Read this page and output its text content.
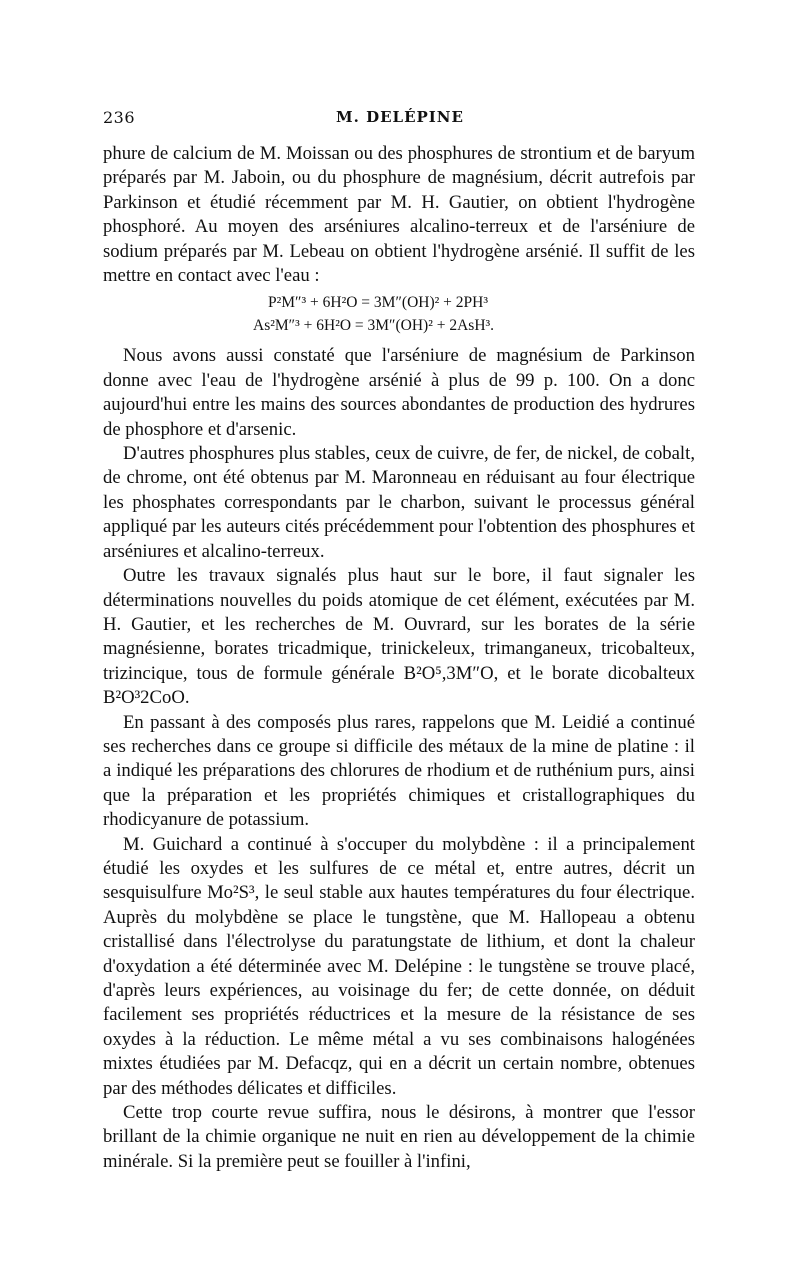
236	M. DELÉPINE

phure de calcium de M. Moissan ou des phosphures de strontium et de baryum préparés par M. Jaboin, ou du phosphure de magnésium, décrit autrefois par Parkinson et étudié récemment par M. H. Gautier, on obtient l'hydrogène phosphoré. Au moyen des arséniures alcalino-terreux et de l'arséniure de sodium préparés par M. Lebeau on obtient l'hydrogène arsénié. Il suffit de les mettre en contact avec l'eau :

P²M″³ + 6H²O = 3M″(OH)² + 2PH³
As²M″³ + 6H²O = 3M″(OH)² + 2AsH³.

Nous avons aussi constaté que l'arséniure de magnésium de Parkinson donne avec l'eau de l'hydrogène arsénié à plus de 99 p. 100. On a donc aujourd'hui entre les mains des sources abondantes de production des hydrures de phosphore et d'arsenic.

D'autres phosphures plus stables, ceux de cuivre, de fer, de nickel, de cobalt, de chrome, ont été obtenus par M. Maronneau en réduisant au four électrique les phosphates correspondants par le charbon, suivant le processus général appliqué par les auteurs cités précédemment pour l'obtention des phosphures et arséniures et alcalino-terreux.

Outre les travaux signalés plus haut sur le bore, il faut signaler les déterminations nouvelles du poids atomique de cet élément, exécutées par M. H. Gautier, et les recherches de M. Ouvrard, sur les borates de la série magnésienne, borates tricadmique, trinickeleux, trimanganeux, tricobalteux, trizincique, tous de formule générale B²O⁵,3M″O, et le borate dicobalteux B²O³2CoO.

En passant à des composés plus rares, rappelons que M. Leidié a continué ses recherches dans ce groupe si difficile des métaux de la mine de platine : il a indiqué les préparations des chlorures de rhodium et de ruthénium purs, ainsi que la préparation et les propriétés chimiques et cristallographiques du rhodicyanure de potassium.

M. Guichard a continué à s'occuper du molybdène : il a principalement étudié les oxydes et les sulfures de ce métal et, entre autres, décrit un sesquisulfure Mo²S³, le seul stable aux hautes températures du four électrique. Auprès du molybdène se place le tungstène, que M. Hallopeau a obtenu cristallisé dans l'électrolyse du paratungstate de lithium, et dont la chaleur d'oxydation a été déterminée avec M. Delépine : le tungstène se trouve placé, d'après leurs expériences, au voisinage du fer; de cette donnée, on déduit facilement ses propriétés réductrices et la mesure de la résistance de ses oxydes à la réduction. Le même métal a vu ses combinaisons halogénées mixtes étudiées par M. Defacqz, qui en a décrit un certain nombre, obtenues par des méthodes délicates et difficiles.

Cette trop courte revue suffira, nous le désirons, à montrer que l'essor brillant de la chimie organique ne nuit en rien au développement de la chimie minérale. Si la première peut se fouiller à l'infini,
